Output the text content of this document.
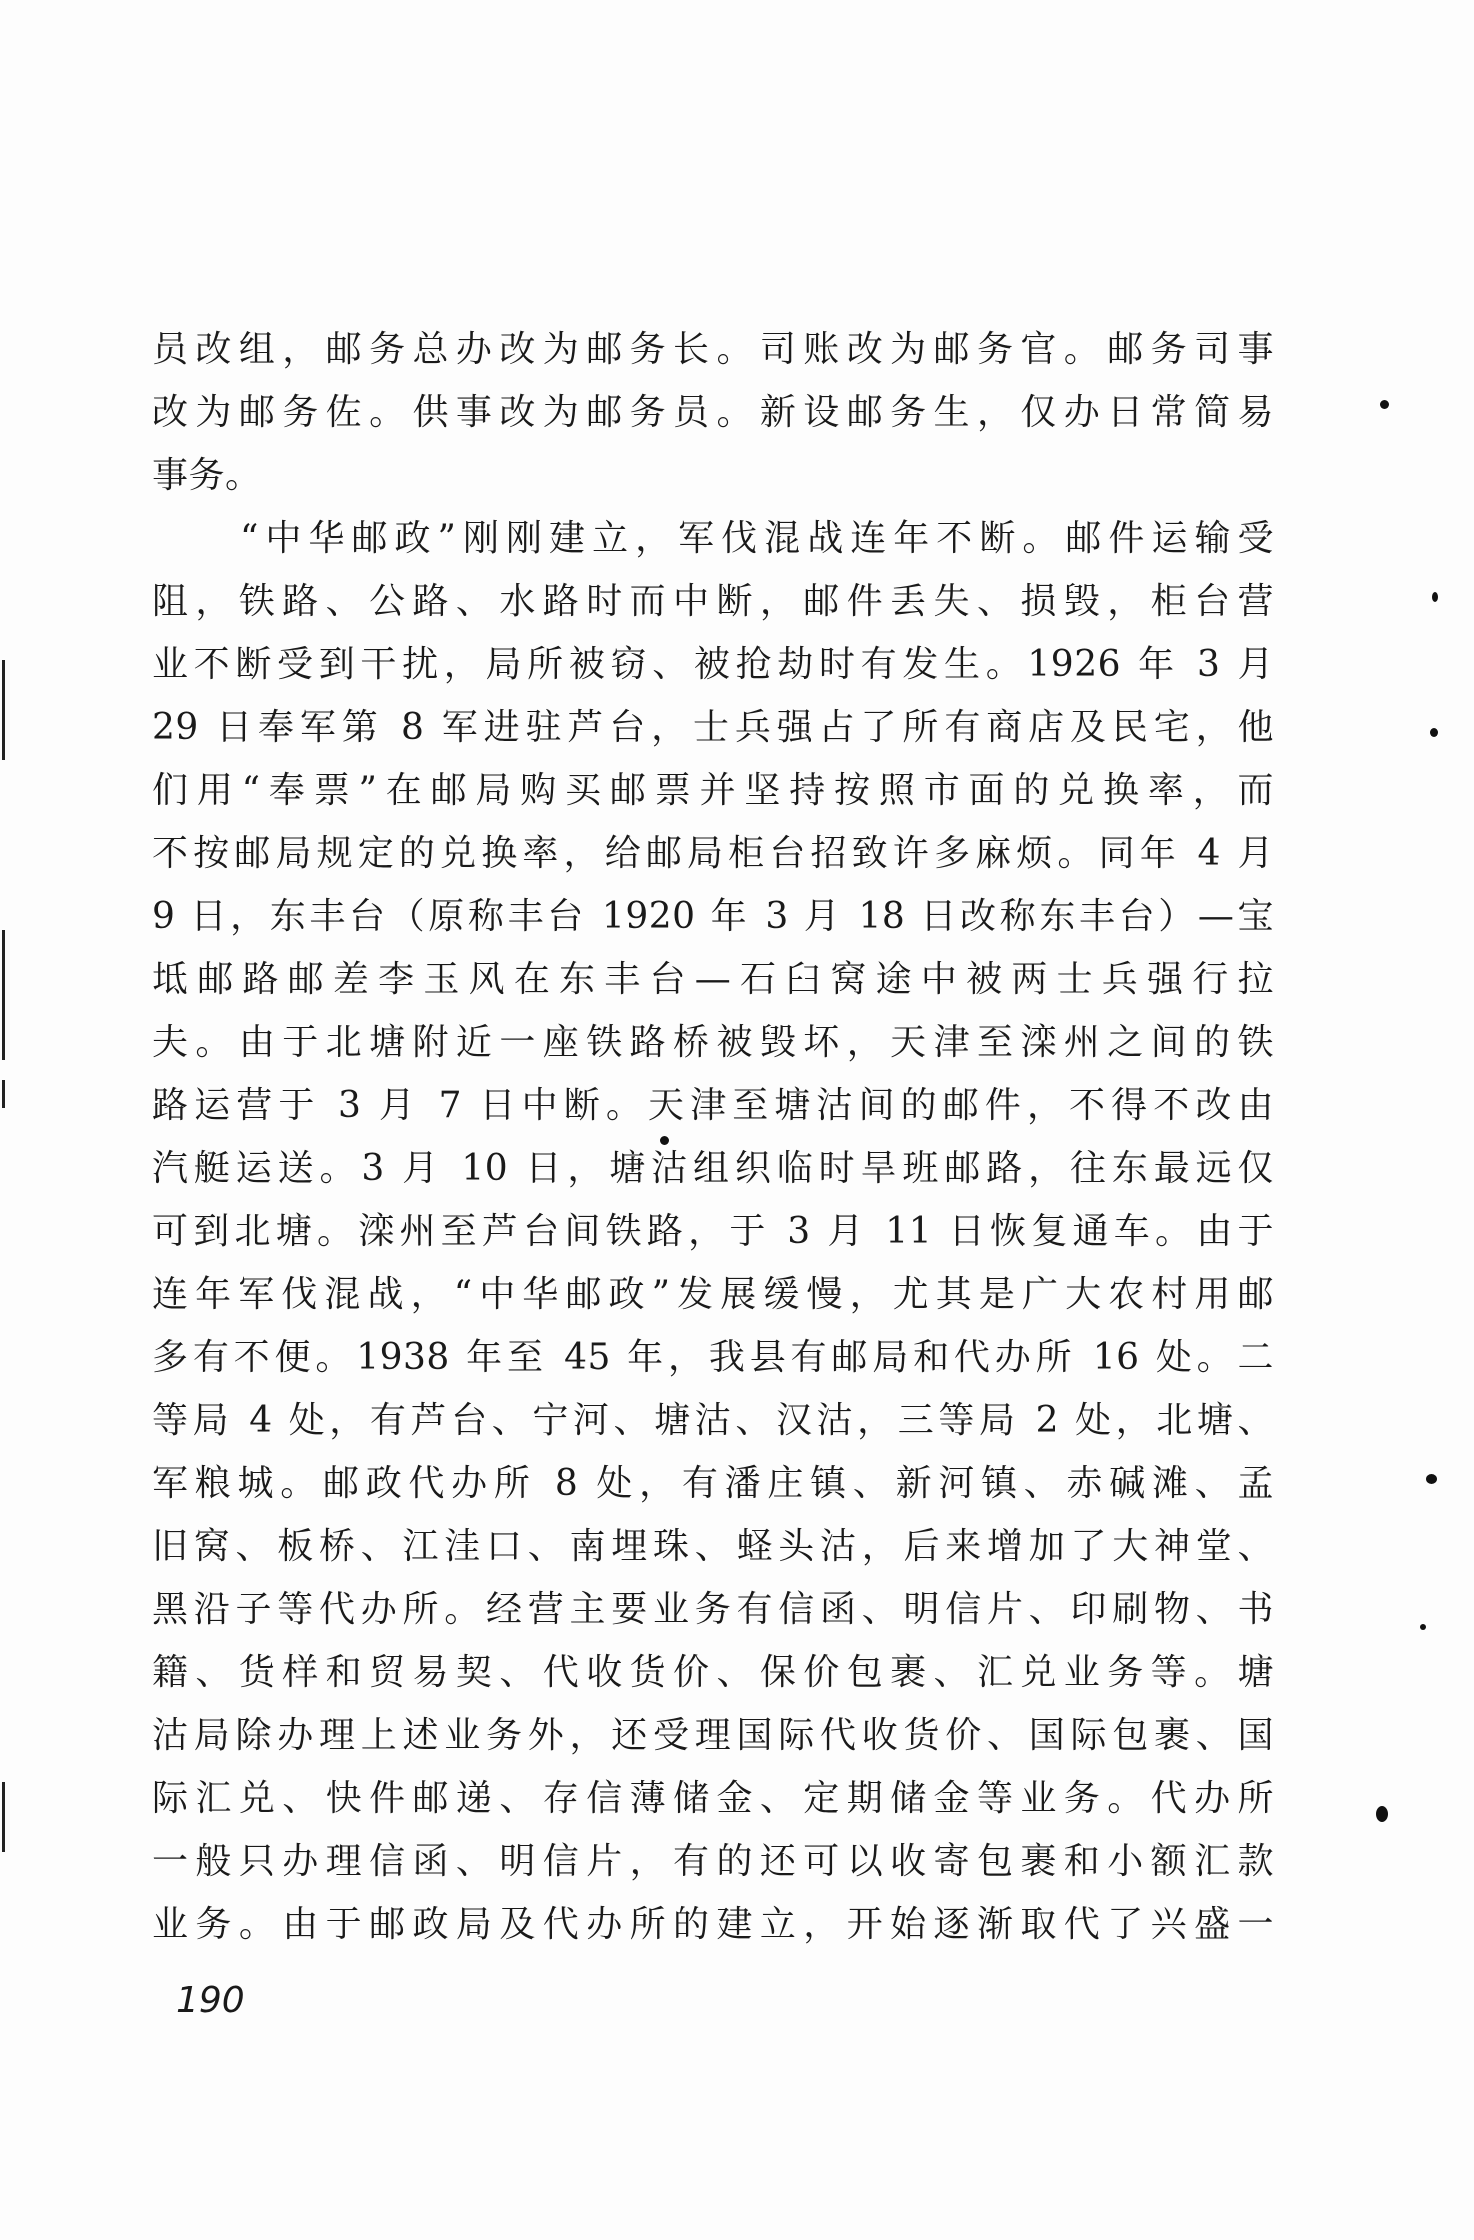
员改组，邮务总办改为邮务长。司账改为邮务官。邮务司事
改为邮务佐。供事改为邮务员。新设邮务生，仅办日常简易
事务。
“中华邮政”刚刚建立，军伐混战连年不断。邮件运输受
阻，铁路、公路、水路时而中断，邮件丢失、损毁，柜台营
业不断受到干扰，局所被窃、被抢劫时有发生。1926 年 3 月
29 日奉军第 8 军进驻芦台，士兵强占了所有商店及民宅，他
们用“奉票”在邮局购买邮票并坚持按照市面的兑换率，而
不按邮局规定的兑换率，给邮局柜台招致许多麻烦。同年 4 月
9 日，东丰台（原称丰台 1920 年 3 月 18 日改称东丰台）—宝
坻邮路邮差李玉风在东丰台—石臼窝途中被两士兵强行拉
夫。由于北塘附近一座铁路桥被毁坏，天津至滦州之间的铁
路运营于 3 月 7 日中断。天津至塘沽间的邮件，不得不改由
汽艇运送。3 月 10 日，塘沽组织临时旱班邮路，往东最远仅
可到北塘。滦州至芦台间铁路，于 3 月 11 日恢复通车。由于
连年军伐混战，“中华邮政”发展缓慢，尤其是广大农村用邮
多有不便。1938 年至 45 年，我县有邮局和代办所 16 处。二
等局 4 处，有芦台、宁河、塘沽、汉沽，三等局 2 处，北塘、
军粮城。邮政代办所 8 处，有潘庄镇、新河镇、赤碱滩、孟
旧窝、板桥、江洼口、南埋珠、蛏头沽，后来增加了大神堂、
黑沿子等代办所。经营主要业务有信函、明信片、印刷物、书
籍、货样和贸易契、代收货价、保价包裹、汇兑业务等。塘
沽局除办理上述业务外，还受理国际代收货价、国际包裹、国
际汇兑、快件邮递、存信薄储金、定期储金等业务。代办所
一般只办理信函、明信片，有的还可以收寄包裹和小额汇款
业务。由于邮政局及代办所的建立，开始逐渐取代了兴盛一
190
